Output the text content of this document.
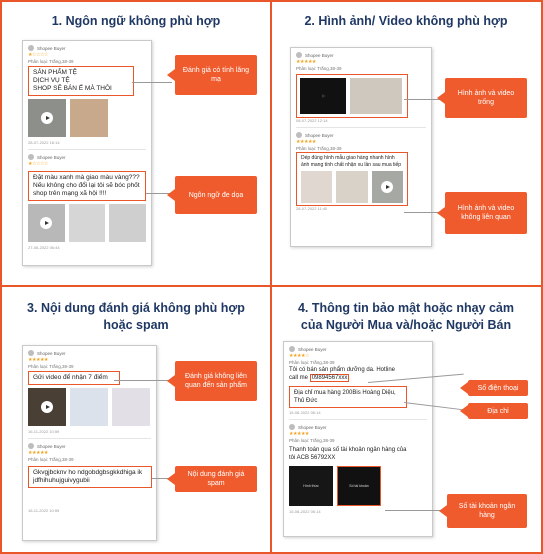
1. Ngôn ngữ không phù hợp
Shopee Buyer
★☆☆☆☆
Phân loại: Trắng,38-39
SẢN PHẨM TỆ
DỊCH VỤ TỆ
SHOP SẼ BÁN Ế MÀ THÔI
28-07-2022 16:14
Shopee Buyer
★☆☆☆☆
Đặt màu xanh mà giao màu vàng???
Nếu không cho đổi lại tôi sẽ bóc phốt
shop trên mạng xã hội !!!!
27-06-2022 06:44
Đánh giá có tính lăng mạ
Ngôn ngữ đe dọa
2. Hình ảnh/ Video không phù hợp
Shopee Buyer
★★★★★
Phân loại: Trắng,38-39
08-07-2022 12:14
Shopee Buyer
★★★★★
Phân loại: Trắng,38-39
Dép đúng hình mẫu giao hàng nhanh hình ảnh mang tính chất nhận xu lần sau mua tiếp
28-07-2022 11:40
Hình ảnh và video trống
Hình ảnh và video không liên quan
3. Nội dung đánh giá không phù hợp
hoặc spam
Shopee Buyer
★★★★★
Phân loại: Trắng,38-39
Gửi video để nhận 7 điểm
16-11-2022 10:59
Shopee Buyer
★★★★★
Phân loại: Trắng,38-39
Gkvgjbcknv ho ndgobdgbsgkkdhiga ik jdfhihuhujguivygubii
16-11-2022 10:59
Đánh giá không liên quan đến sản phẩm
Nội dung đánh giá spam
4. Thông tin bảo mật hoặc nhạy cảm
của Người Mua và/hoặc Người Bán
Shopee Buyer
★★★★☆
Phân loại: Trắng,38-39
Tôi có bán sản phẩm dưỡng da. Hotline
call me 09894567xxx
Địa chỉ mua hàng 200Bis Hoàng Diệu, Thủ Đức
15-08-2022 06:14
Shopee Buyer
★★★★★
Phân loại: Trắng,38-39
Thanh toán qua số tài khoản ngân hàng của tôi ACB 56792XX
Hình thức	Số tài khoản
15-08-2022 06:14
Số điện thoại
Địa chỉ
Số tài khoản ngân hàng
